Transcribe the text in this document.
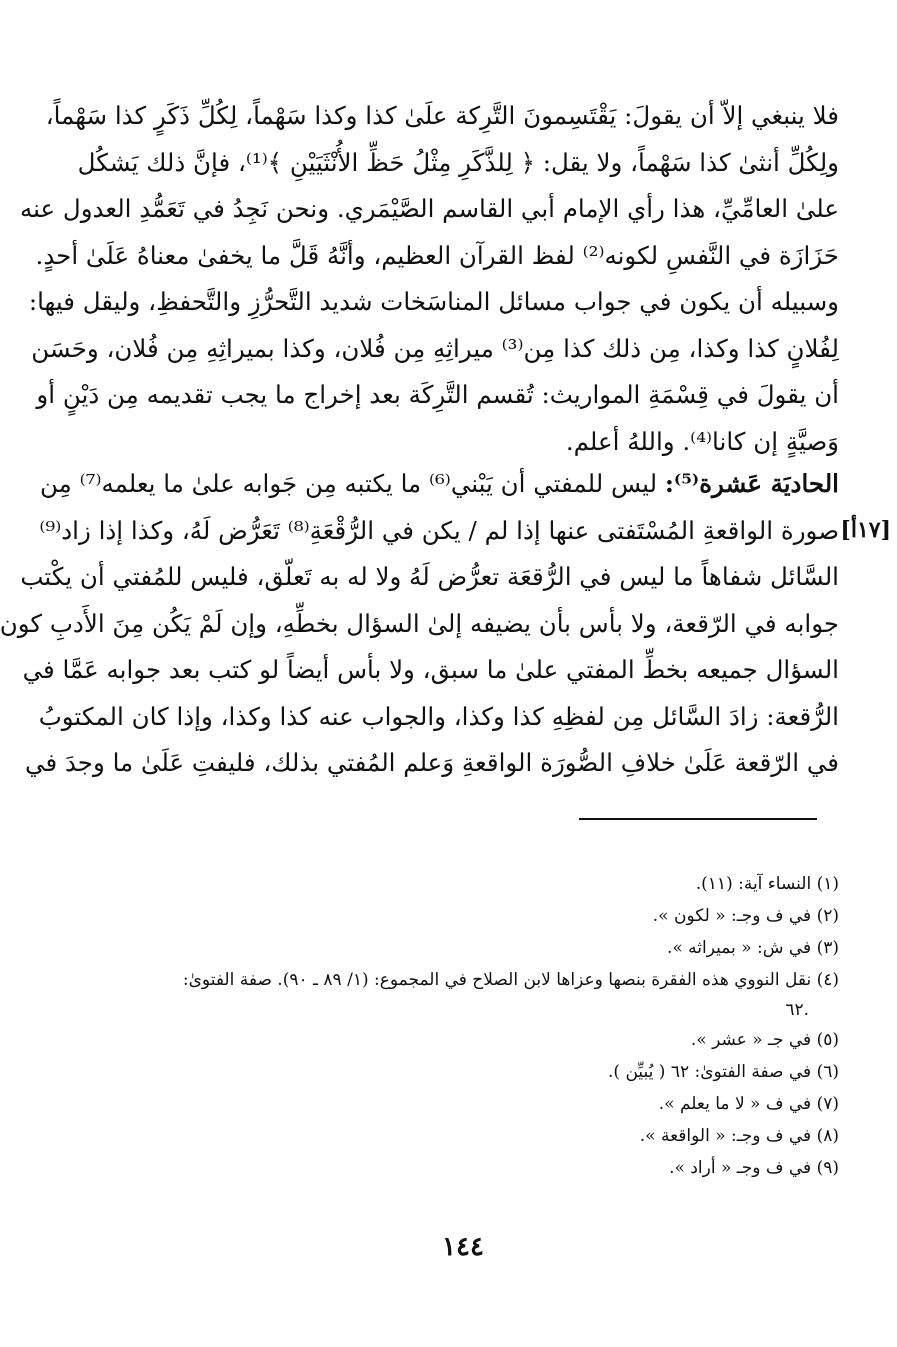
فلا ينبغي إلاّ أن يقولَ: يَقْتَسِمونَ التَّرِكة علَىٰ كذا وكذا سَهْماً، لِكُلِّ ذَكَرٍ كذا سَهْماً،
ولِكُلِّ أنثىٰ كذا سَهْماً، ولا يقل: ﴿ لِلذَّكَرِ مِثْلُ حَظِّ الأُنْثَيَيْنِ ﴾⁽¹⁾، فإنَّ ذلك يَشكُل
علىٰ العامِّيِّ، هذا رأي الإمام أبي القاسم الصَّيْمَري. ونحن نَجِدُ في تَعَمُّدِ العدول عنه
حَزَازَة في النَّفسِ لكونه⁽²⁾ لفظ القرآن العظيم، وأنَّهُ قَلَّ ما يخفىٰ معناهُ عَلَىٰ أحدٍ.
وسبيله أن يكون في جواب مسائل المناسَخات شديد التَّحرُّزِ والتَّحفظِ، وليقل فيها:
لِفُلانٍ كذا وكذا، مِن ذلك كذا مِن⁽³⁾ ميراثِهِ مِن فُلان، وكذا بميراثِهِ مِن فُلان، وحَسَن
أن يقولَ في قِسْمَةِ المواريث: تُقسم التَّرِكَة بعد إخراج ما يجب تقديمه مِن دَيْنٍ أو
وَصيَّةٍ إن كانا⁽⁴⁾. واللهُ أعلم.
الحاديَة عَشرة⁽⁵⁾: ليس للمفتي أن يَبْني⁽⁶⁾ ما يكتبه مِن جَوابه علىٰ ما يعلمه⁽⁷⁾ مِن
صورة الواقعةِ المُسْتَفتى عنها إذا لم / يكن في الرُّقْعَةِ⁽⁸⁾ تَعَرُّض لَهُ، وكذا إذا زاد⁽⁹⁾
السَّائل شفاهاً ما ليس في الرُّقعَة تعرُّض لَهُ ولا له به تَعلّق، فليس للمُفتي أن يكْتب
جوابه في الرّقعة، ولا بأس بأن يضيفه إلىٰ السؤال بخطِّهِ، وإن لَمْ يَكُن مِنَ الأَدبِ كون
السؤال جميعه بخطِّ المفتي علىٰ ما سبق، ولا بأس أيضاً لو كتب بعد جوابه عَمَّا في
الرُّقعة: زادَ السَّائل مِن لفظِهِ كذا وكذا، والجواب عنه كذا وكذا، وإذا كان المكتوبُ
في الرّقعة عَلَىٰ خلافِ الصُّورَة الواقعةِ وَعلم المُفتي بذلك، فليفتِ عَلَىٰ ما وجدَ في
[١٧أ]
(١) النساء آية: (١١).
(٢) في ف وجـ: « لكون ».
(٣) في ش: « بميراثه ».
(٤) نقل النووي هذه الفقرة بنصها وعزاها لابن الصلاح في المجموع: (١/ ٨٩ ـ ٩٠). صفة الفتوىٰ:
.٦٢
(٥) في جـ « عشر ».
(٦) في صفة الفتوىٰ: ٦٢ ( يُبيِّن ).
(٧) في ف « لا ما يعلم ».
(٨) في ف وجـ: « الواقعة ».
(٩) في ف وجـ « أراد ».
١٤٤
